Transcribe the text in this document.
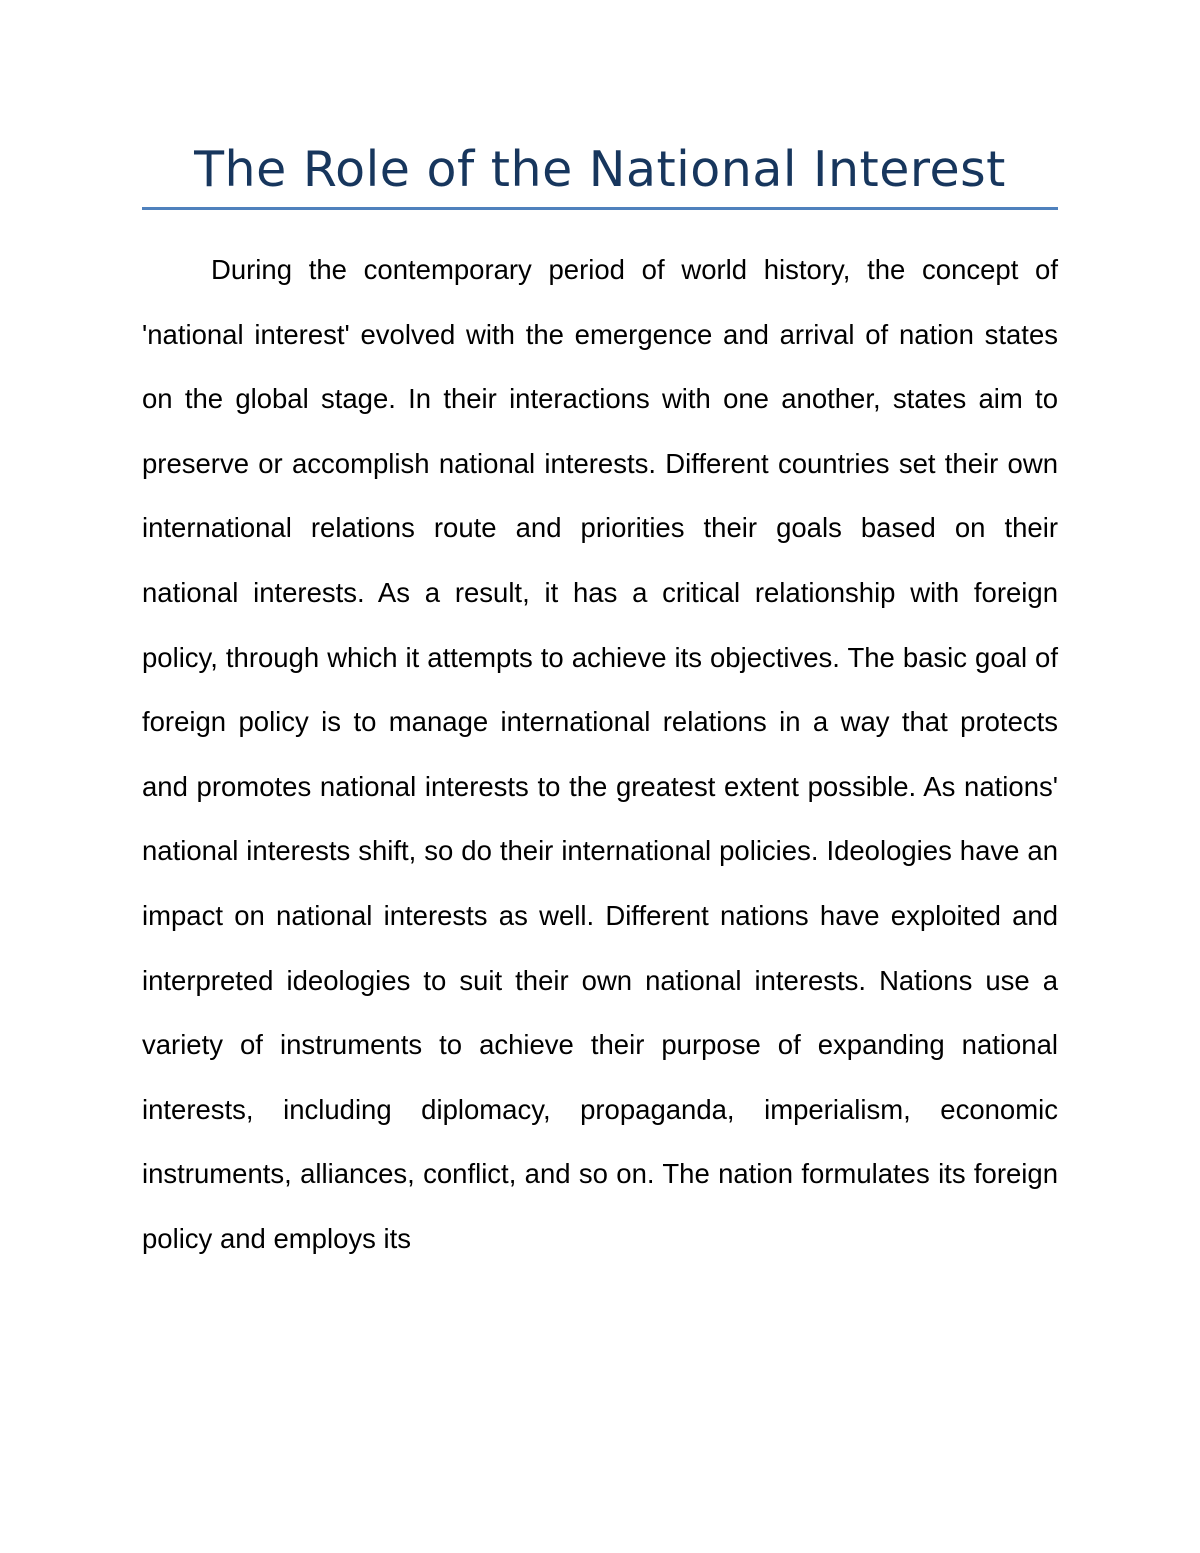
The Role of the National Interest

During the contemporary period of world history, the concept of 'national interest' evolved with the emergence and arrival of nation states on the global stage. In their interactions with one another, states aim to preserve or accomplish national interests. Different countries set their own international relations route and priorities their goals based on their national interests. As a result, it has a critical relationship with foreign policy, through which it attempts to achieve its objectives. The basic goal of foreign policy is to manage international relations in a way that protects and promotes national interests to the greatest extent possible. As nations' national interests shift, so do their international policies. Ideologies have an impact on national interests as well. Different nations have exploited and interpreted ideologies to suit their own national interests. Nations use a variety of instruments to achieve their purpose of expanding national interests, including diplomacy, propaganda, imperialism, economic instruments, alliances, conflict, and so on. The nation formulates its foreign policy and employs its
